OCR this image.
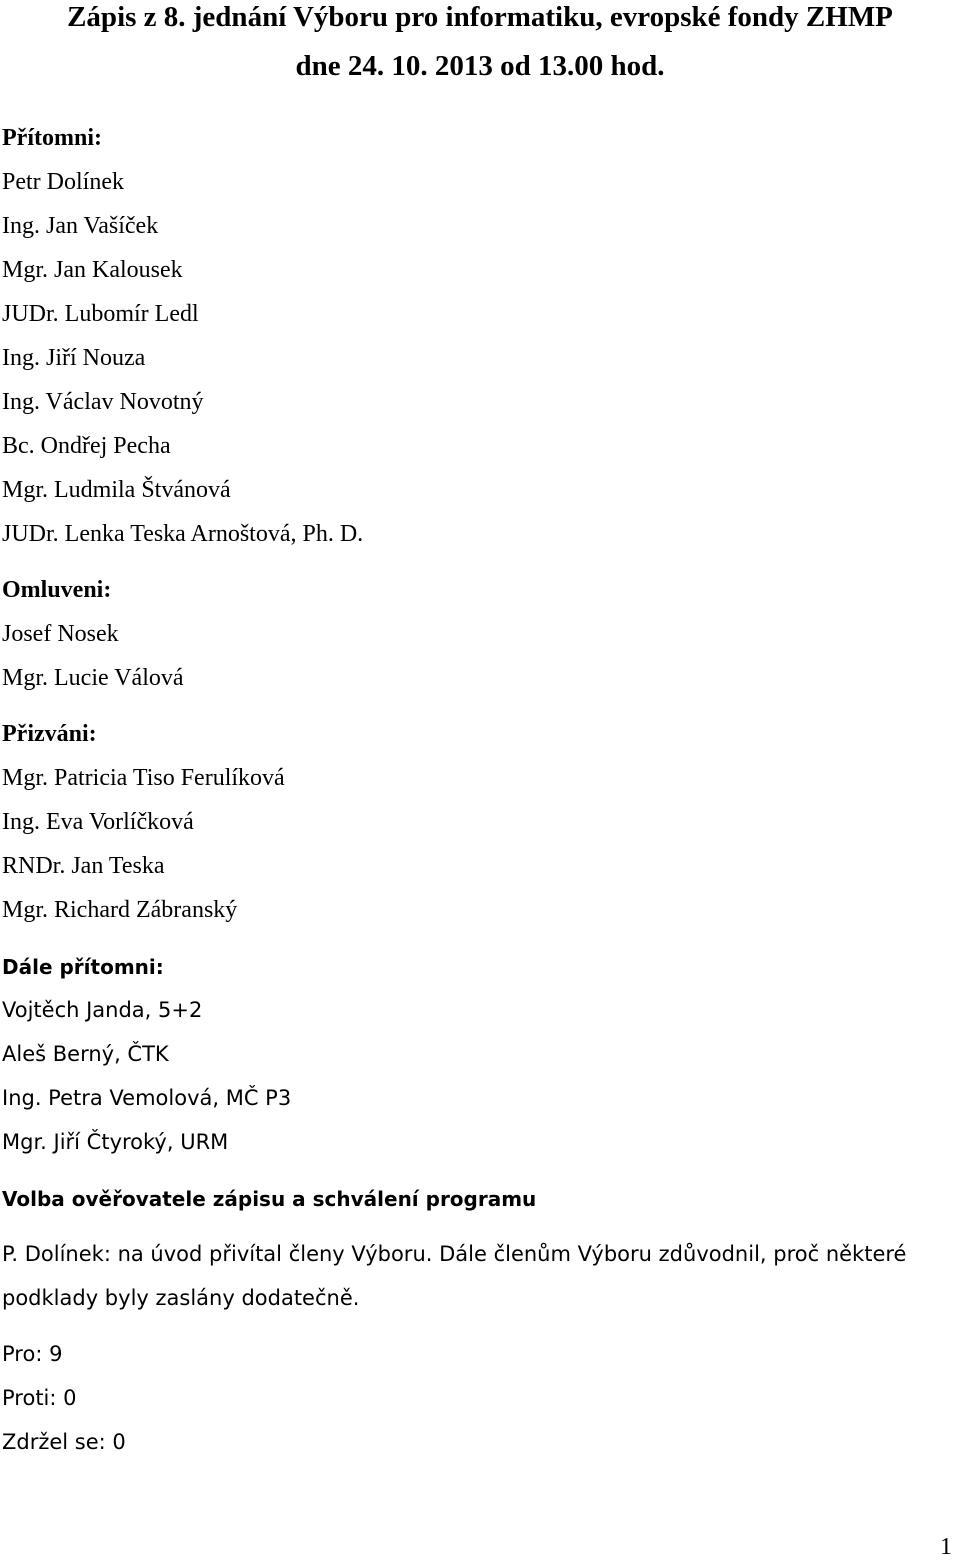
Zápis z 8. jednání Výboru pro informatiku, evropské fondy ZHMP
dne 24. 10. 2013 od 13.00 hod.
Přítomni:
Petr Dolínek
Ing. Jan Vašíček
Mgr. Jan Kalousek
JUDr. Lubomír Ledl
Ing. Jiří Nouza
Ing. Václav Novotný
Bc. Ondřej Pecha
Mgr. Ludmila Štvánová
JUDr. Lenka Teska Arnoštová, Ph. D.
Omluveni:
Josef Nosek
Mgr. Lucie Válová
Přizváni:
Mgr. Patricia Tiso Ferulíková
Ing. Eva Vorlíčková
RNDr. Jan Teska
Mgr. Richard Zábranský
Dále přítomni:
Vojtěch Janda, 5+2
Aleš Berný, ČTK
Ing. Petra Vemolová, MČ P3
Mgr. Jiří Čtyroký, URM
Volba ověřovatele zápisu a schválení programu
P. Dolínek: na úvod přivítal členy Výboru. Dále členům Výboru zdůvodnil, proč některé
podklady byly zaslány dodatečně.
Pro: 9
Proti: 0
Zdržel se: 0
1
